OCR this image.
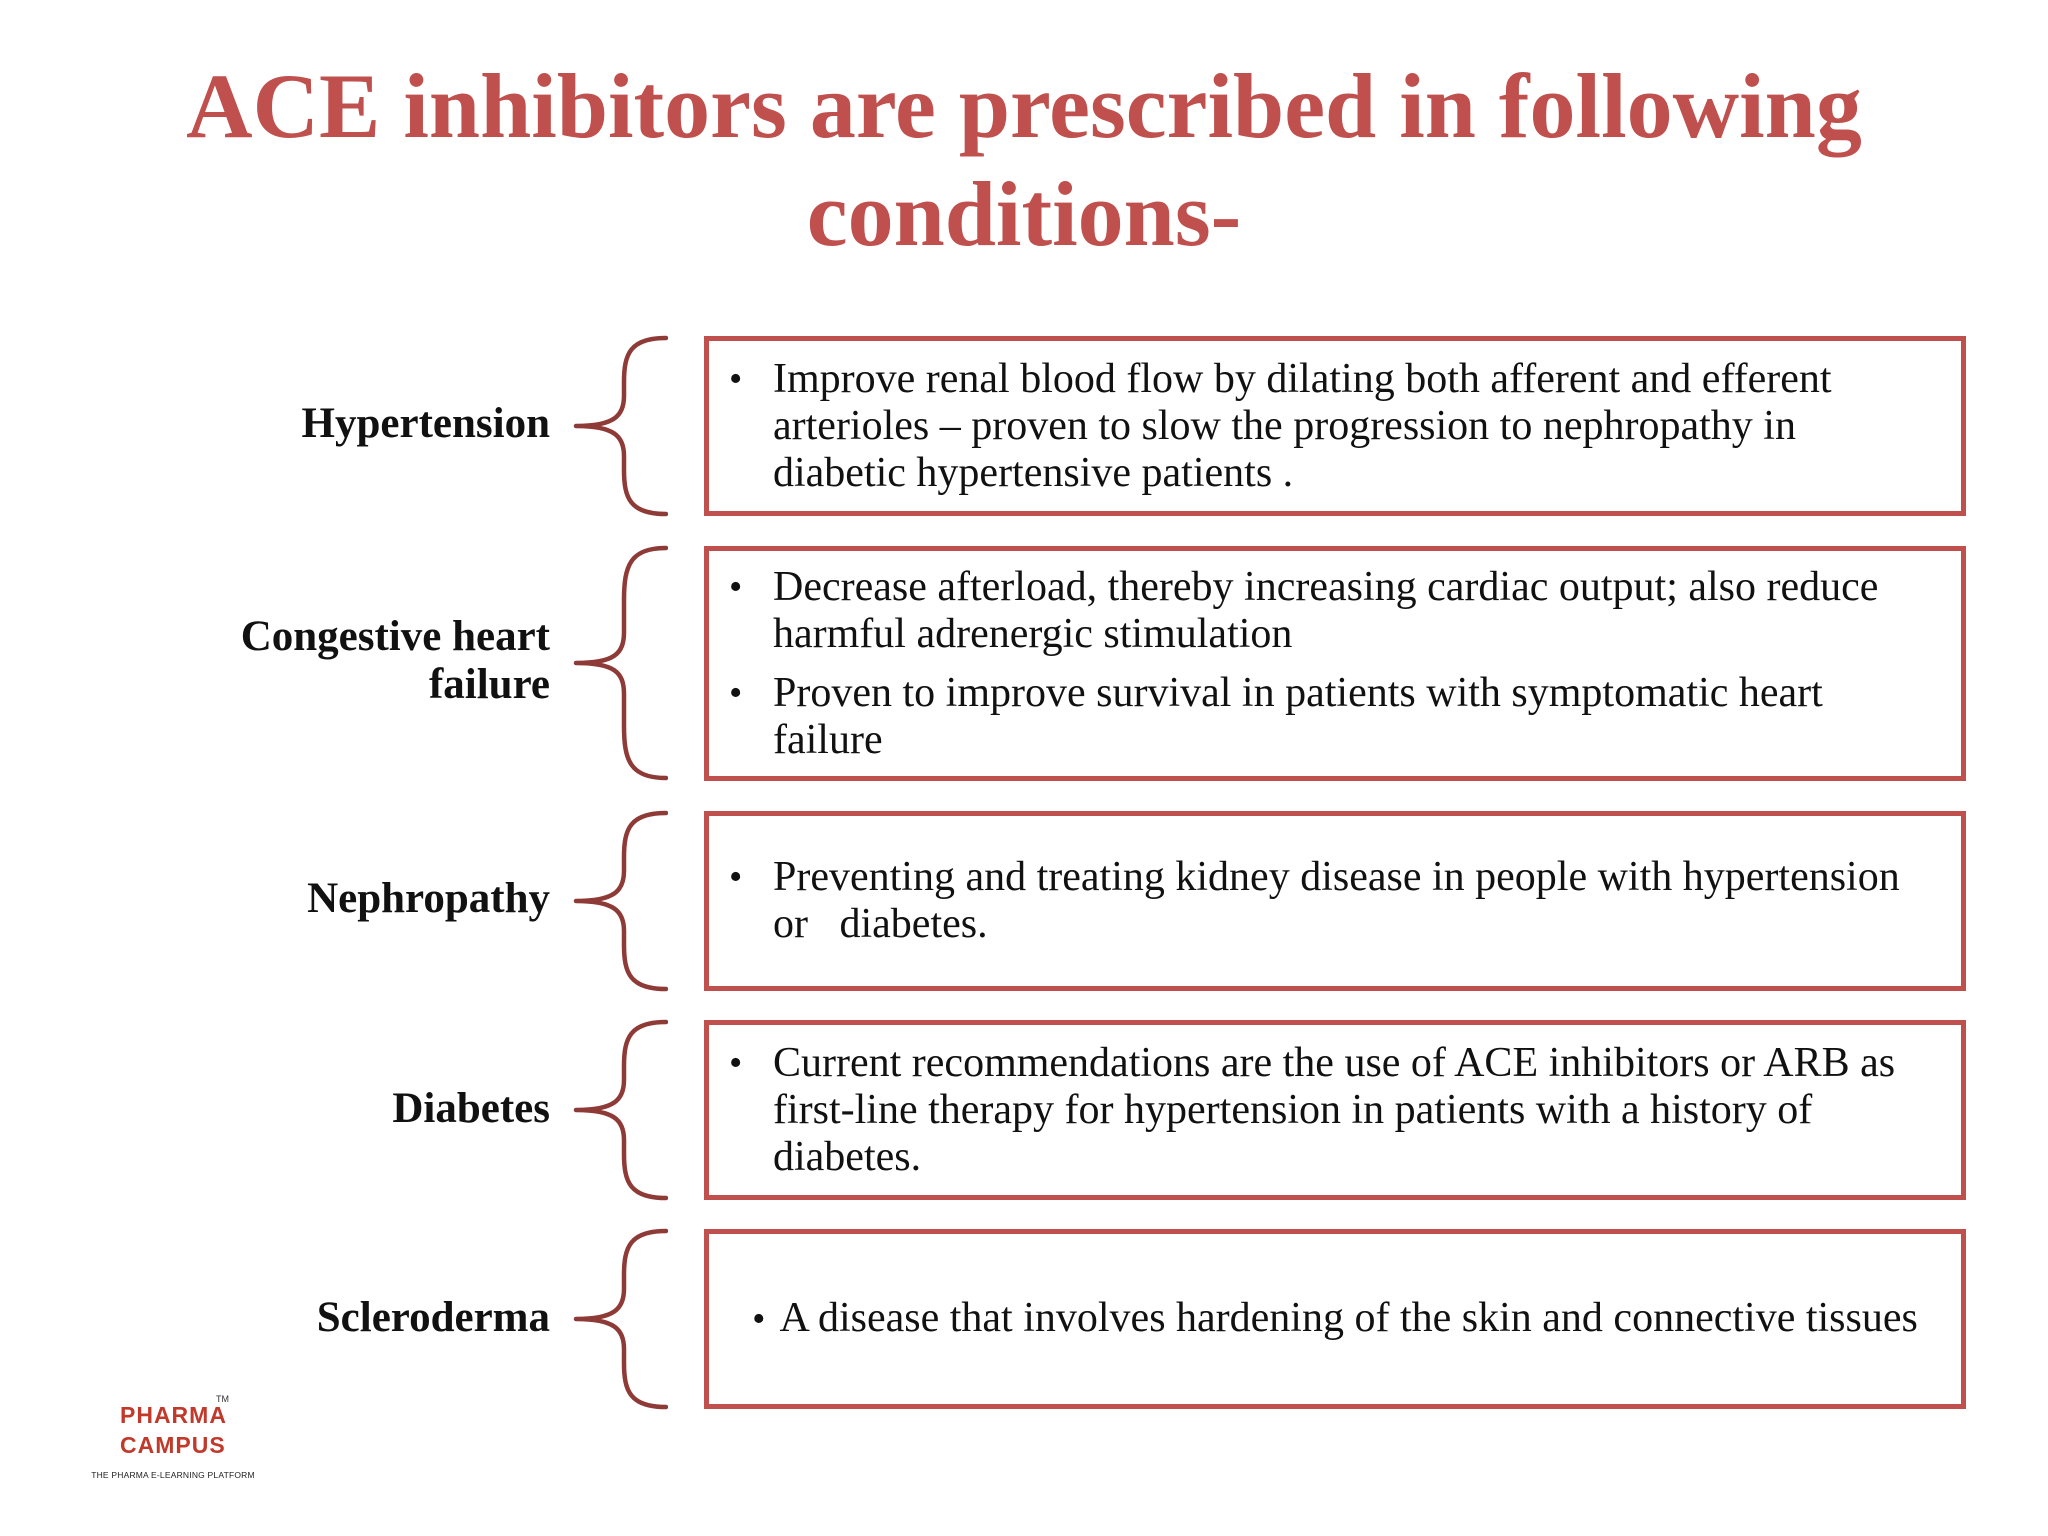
ACE inhibitors are prescribed in following conditions-
Hypertension
• Improve renal blood flow by dilating both afferent and efferent arterioles – proven to slow the progression to nephropathy in diabetic hypertensive patients .
Congestive heart failure
• Decrease afterload, thereby increasing cardiac output; also reduce harmful adrenergic stimulation
• Proven to improve survival in patients with symptomatic heart failure
Nephropathy	• Preventing and treating kidney disease in people with hypertension or   diabetes.
Diabetes
• Current recommendations are the use of ACE inhibitors or ARB as first-line therapy for hypertension in patients with a history of diabetes.
Scleroderma	• A disease that involves hardening of the skin and connective tissues
TM
PHARMA
CAMPUS
THE PHARMA E-LEARNING PLATFORM
